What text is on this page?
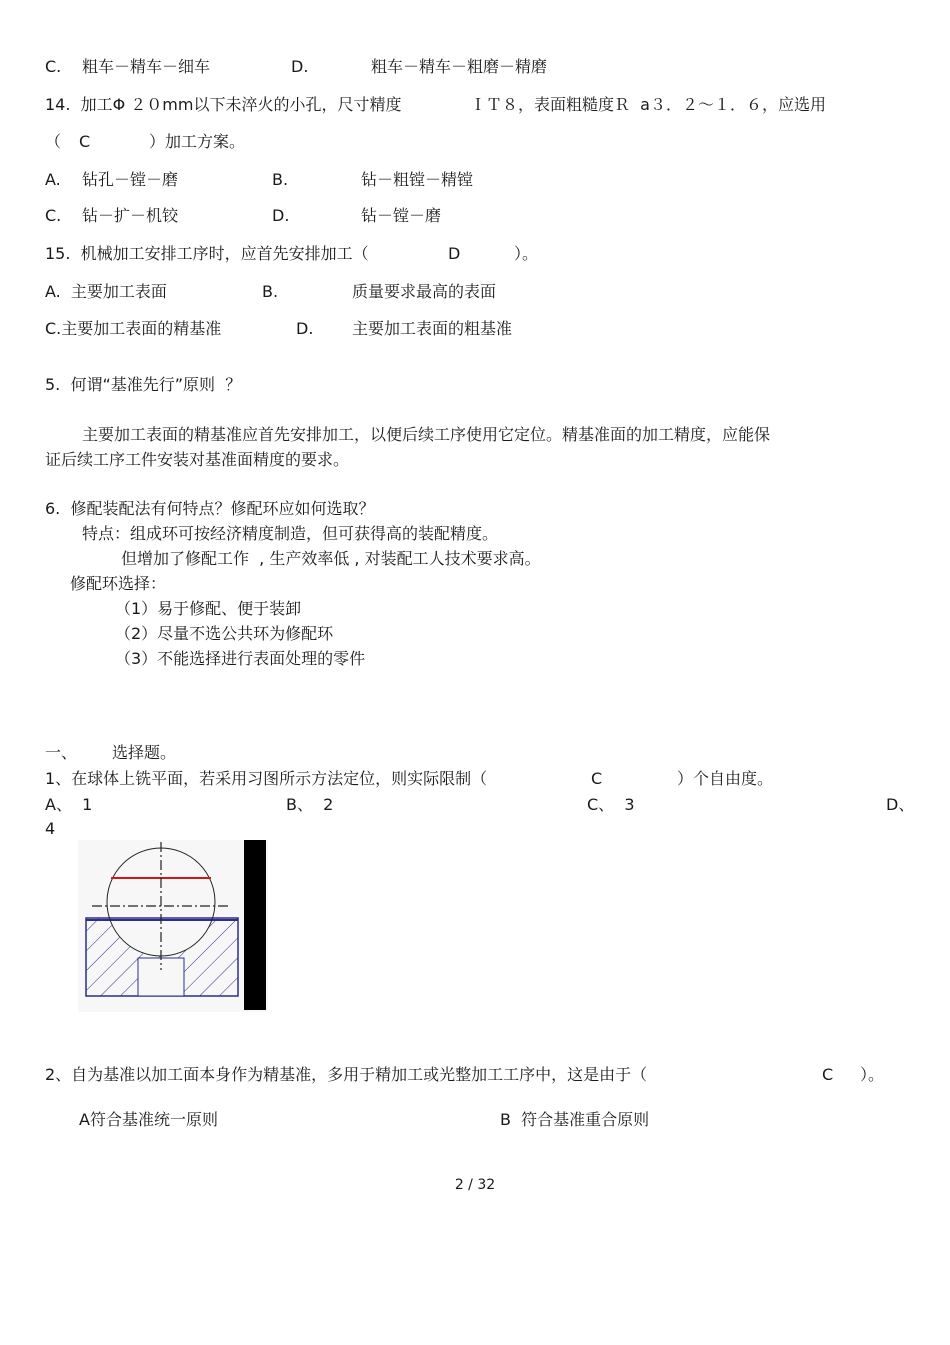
C. 粗车－精车－细车	D.	粗车－精车－粗磨－精磨
14.  加工Φ ２０mm以下未淬火的小孔，尺寸精度	ＩＴ８，表面粗糙度Ｒ  a３．２～１．６，应选用
（ C	）加工方案。
A. 钻孔－镗－磨	B.	钻－粗镗－精镗
C. 钻－扩－机铰	D.	钻－镗－磨
15.  机械加工安排工序时，应首先安排加工（	D	）。
A.  主要加工表面	B.	质量要求最高的表面
C.主要加工表面的精基准	D. 主要加工表面的粗基准
5.  何谓“基准先行”原则  ？
主要加工表面的精基准应首先安排加工，以便后续工序使用它定位。精基准面的加工精度，应能保
证后续工序工件安装对基准面精度的要求。
6.  修配装配法有何特点？修配环应如何选取？
特点：组成环可按经济精度制造，但可获得高的装配精度。
但增加了修配工作  , 生产效率低 , 对装配工人技术要求高。
修配环选择：
（1）易于修配、便于装卸
（2）尽量不选公共环为修配环
（3）不能选择进行表面处理的零件
一、 选择题。
1、在球体上铣平面，若采用习图所示方法定位，则实际限制（	C	）个自由度。
A、  1	B、  2	C、  3	D、
4
2、自为基准以加工面本身作为精基准，多用于精加工或光整加工工序中，这是由于（	C ）。
A符合基准统一原则	B  符合基准重合原则
2 / 32
